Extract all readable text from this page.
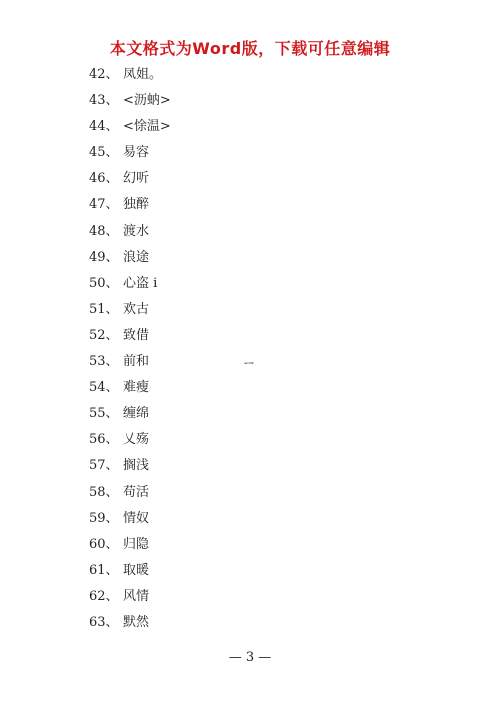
本文格式为Word版，下载可任意编辑
42、 凤姐。
43、 <沥蚋>
44、 <悇温>
45、 易容
46、 幻听
47、 独醉
48、 渡水
49、 浪途
50、 心盗 i
51、 欢古
52、 致借
53、 前和
54、 难瘦
55、 缠绵
56、 乂殇
57、 搁浅
58、 苟活
59、 情奴
60、 归隐
61、 取暖
62、 风情
63、 默然
ᆖ
— 3 —
